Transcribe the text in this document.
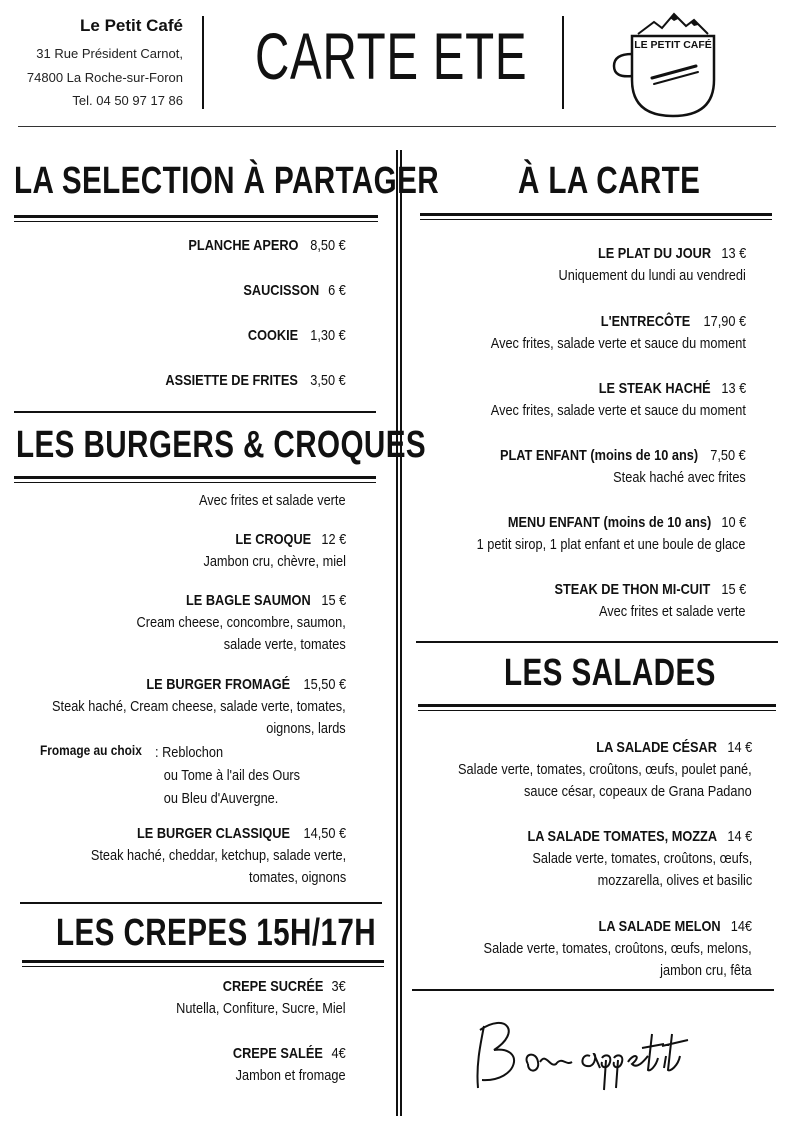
Le Petit Café
31 Rue Président Carnot,
74800 La Roche-sur-Foron
Tel. 04 50 97 17 86
CARTE ETE	LE PETIT CAFÉ
LA SELECTION À PARTAGER
PLANCHE APERO 8,50 €
SAUCISSON 6 €
COOKIE 1,30 €
ASSIETTE DE FRITES 3,50 €
LES BURGERS & CROQUES
Avec frites et salade verte
LE CROQUE 12 €
Jambon cru, chèvre, miel
LE BAGLE SAUMON 15 €
Cream cheese, concombre, saumon,
salade verte, tomates
LE BURGER FROMAGÉ 15,50 €
Steak haché, Cream cheese, salade verte, tomates,
oignons, lards
Fromage au choix : Reblochon
ou Tome à l'ail des Ours
ou Bleu d'Auvergne.
LE BURGER CLASSIQUE 14,50 €
Steak haché, cheddar, ketchup, salade verte,
tomates, oignons
LES CREPES 15H/17H
CREPE SUCRÉE 3€
Nutella, Confiture, Sucre, Miel
CREPE SALÉE 4€
Jambon et fromage
À LA CARTE
LE PLAT DU JOUR 13 €
Uniquement du lundi au vendredi
L'ENTRECÔTE 17,90 €
Avec frites, salade verte et sauce du moment
LE STEAK HACHÉ 13 €
Avec frites, salade verte et sauce du moment
PLAT ENFANT (moins de 10 ans) 7,50 €
Steak haché avec frites
MENU ENFANT (moins de 10 ans) 10 €
1 petit sirop, 1 plat enfant et une boule de glace
STEAK DE THON MI-CUIT 15 €
Avec frites et salade verte
LES SALADES
LA SALADE CÉSAR 14 €
Salade verte, tomates, croûtons, œufs, poulet pané,
sauce césar, copeaux de Grana Padano
LA SALADE TOMATES, MOZZA 14 €
Salade verte, tomates, croûtons, œufs,
mozzarella, olives et basilic
LA SALADE MELON 14€
Salade verte, tomates, croûtons, œufs, melons,
jambon cru, fêta
